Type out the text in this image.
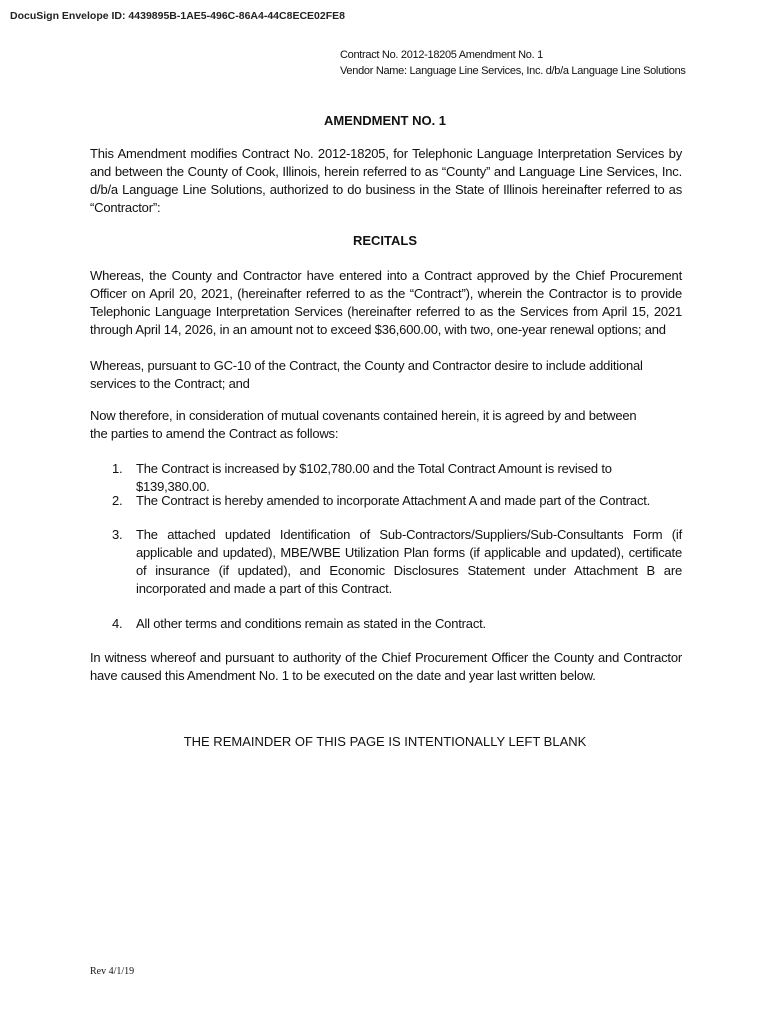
DocuSign Envelope ID: 4439895B-1AE5-496C-86A4-44C8ECE02FE8
Contract No. 2012-18205 Amendment No. 1
Vendor Name: Language Line Services, Inc. d/b/a Language Line Solutions
AMENDMENT NO. 1

This Amendment modifies Contract No. 2012-18205, for Telephonic Language Interpretation Services by and between the County of Cook, Illinois, herein referred to as “County” and Language Line Services, Inc. d/b/a Language Line Solutions, authorized to do business in the State of Illinois hereinafter referred to as “Contractor”:

RECITALS

Whereas, the County and Contractor have entered into a Contract approved by the Chief Procurement Officer on April 20, 2021, (hereinafter referred to as the “Contract”), wherein the Contractor is to provide Telephonic Language Interpretation Services (hereinafter referred to as the Services from April 15, 2021 through April 14, 2026, in an amount not to exceed $36,600.00, with two, one-year renewal options; and

Whereas, pursuant to GC-10 of the Contract, the County and Contractor desire to include additional services to the Contract; and

Now therefore, in consideration of mutual covenants contained herein, it is agreed by and between the parties to amend the Contract as follows:

1. The Contract is increased by $102,780.00 and the Total Contract Amount is revised to $139,380.00.
2. The Contract is hereby amended to incorporate Attachment A and made part of the Contract.
3. The attached updated Identification of Sub-Contractors/Suppliers/Sub-Consultants Form (if applicable and updated), MBE/WBE Utilization Plan forms (if applicable and updated), certificate of insurance (if updated), and Economic Disclosures Statement under Attachment B are incorporated and made a part of this Contract.
4. All other terms and conditions remain as stated in the Contract.

In witness whereof and pursuant to authority of the Chief Procurement Officer the County and Contractor have caused this Amendment No. 1 to be executed on the date and year last written below.

THE REMAINDER OF THIS PAGE IS INTENTIONALLY LEFT BLANK
Rev 4/1/19
